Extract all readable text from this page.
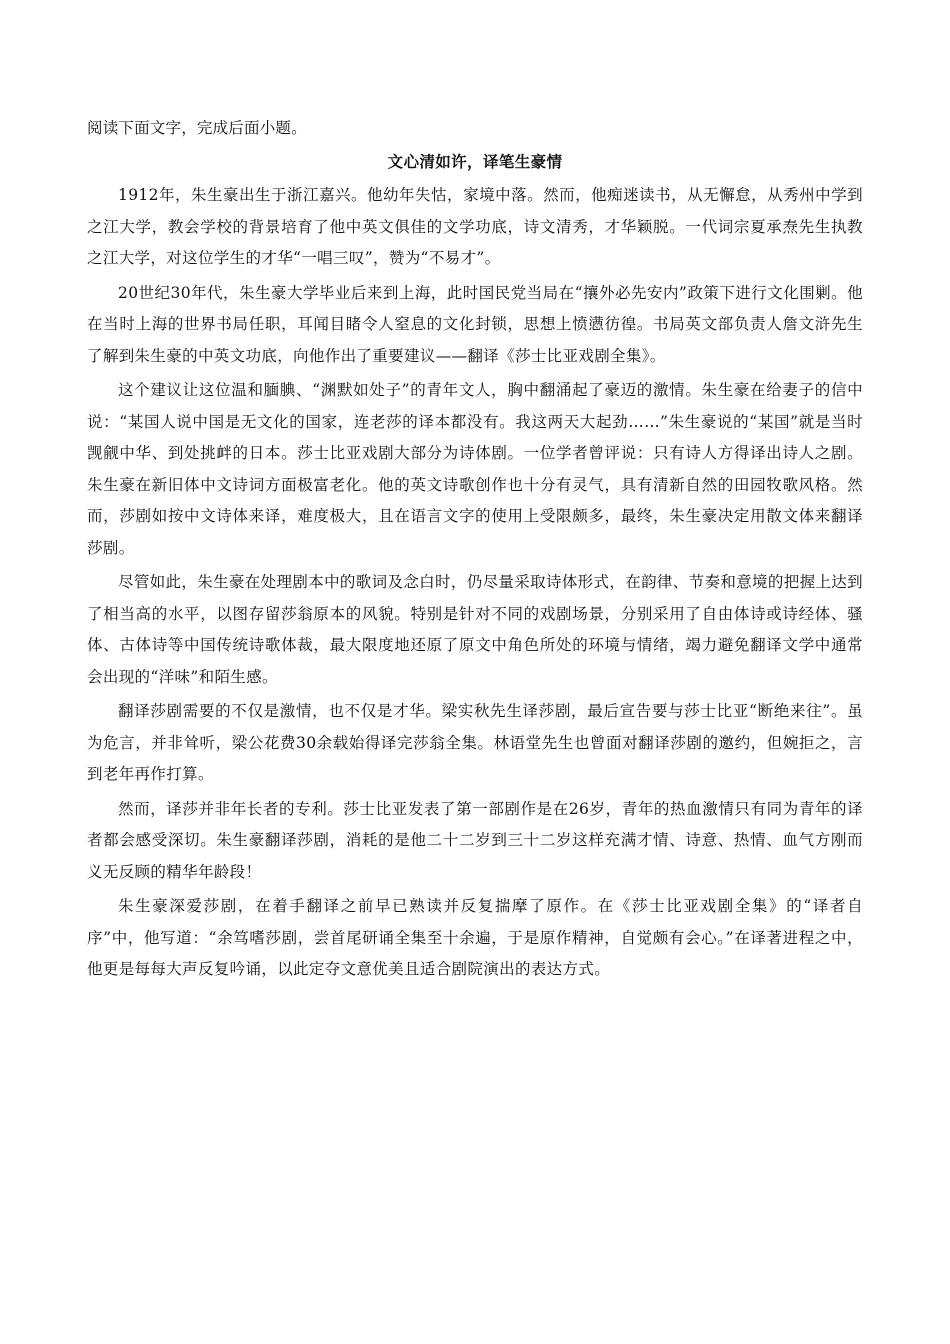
阅读下面文字，完成后面小题。

文心清如许，译笔生豪情

1912年，朱生豪出生于浙江嘉兴。他幼年失怙，家境中落。然而，他痴迷读书，从无懈怠，从秀州中学到之江大学，教会学校的背景培育了他中英文俱佳的文学功底，诗文清秀，才华颖脱。一代词宗夏承焘先生执教之江大学，对这位学生的才华“一唱三叹”，赞为“不易才”。

20世纪30年代，朱生豪大学毕业后来到上海，此时国民党当局在“攘外必先安内”政策下进行文化围剿。他在当时上海的世界书局任职，耳闻目睹令人窒息的文化封锁，思想上愤懑彷徨。书局英文部负责人詹文浒先生了解到朱生豪的中英文功底，向他作出了重要建议——翻译《莎士比亚戏剧全集》。

这个建议让这位温和腼腆、“渊默如处子”的青年文人，胸中翻涌起了豪迈的激情。朱生豪在给妻子的信中说：“某国人说中国是无文化的国家，连老莎的译本都没有。我这两天大起劲……”朱生豪说的“某国”就是当时觊觎中华、到处挑衅的日本。莎士比亚戏剧大部分为诗体剧。一位学者曾评说：只有诗人方得译出诗人之剧。朱生豪在新旧体中文诗词方面极富老化。他的英文诗歌创作也十分有灵气，具有清新自然的田园牧歌风格。然而，莎剧如按中文诗体来译，难度极大，且在语言文字的使用上受限颇多，最终，朱生豪决定用散文体来翻译莎剧。

尽管如此，朱生豪在处理剧本中的歌词及念白时，仍尽量采取诗体形式，在韵律、节奏和意境的把握上达到了相当高的水平，以图存留莎翁原本的风貌。特别是针对不同的戏剧场景，分别采用了自由体诗或诗经体、骚体、古体诗等中国传统诗歌体裁，最大限度地还原了原文中角色所处的环境与情绪，竭力避免翻译文学中通常会出现的“洋味”和陌生感。

翻译莎剧需要的不仅是激情，也不仅是才华。梁实秋先生译莎剧，最后宣告要与莎士比亚“断绝来往”。虽为危言，并非耸听，梁公花费30余载始得译完莎翁全集。林语堂先生也曾面对翻译莎剧的邀约，但婉拒之，言到老年再作打算。

然而，译莎并非年长者的专利。莎士比亚发表了第一部剧作是在26岁，青年的热血激情只有同为青年的译者都会感受深切。朱生豪翻译莎剧，消耗的是他二十二岁到三十二岁这样充满才情、诗意、热情、血气方刚而义无反顾的精华年龄段！

朱生豪深爱莎剧，在着手翻译之前早已熟读并反复揣摩了原作。在《莎士比亚戏剧全集》的“译者自序”中，他写道：“余笃嗜莎剧，尝首尾研诵全集至十余遍，于是原作精神，自觉颇有会心。”在译著进程之中，他更是每每大声反复吟诵，以此定夺文意优美且适合剧院演出的表达方式。
